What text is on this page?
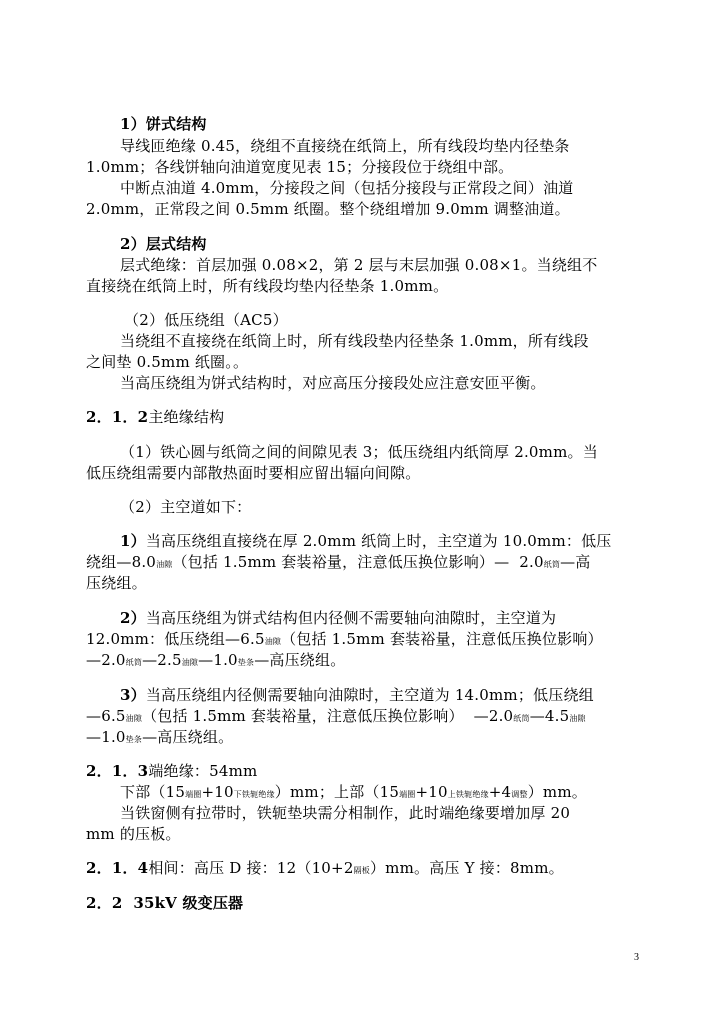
1）饼式结构
导线匝绝缘 0.45，绕组不直接绕在纸筒上，所有线段均垫内径垫条
1.0mm；各线饼轴向油道宽度见表 15；分接段位于绕组中部。
中断点油道 4.0mm，分接段之间（包括分接段与正常段之间）油道
2.0mm，正常段之间 0.5mm 纸圈。整个绕组增加 9.0mm 调整油道。
2）层式结构
层式绝缘：首层加强 0.08×2，第 2 层与末层加强 0.08×1。当绕组不
直接绕在纸筒上时，所有线段均垫内径垫条 1.0mm。
（2）低压绕组（AC5）
当绕组不直接绕在纸筒上时，所有线段垫内径垫条 1.0mm，所有线段
之间垫 0.5mm 纸圈。。
当高压绕组为饼式结构时，对应高压分接段处应注意安匝平衡。
2．1．2主绝缘结构
（1）铁心圆与纸筒之间的间隙见表 3；低压绕组内纸筒厚 2.0mm。当
低压绕组需要内部散热面时要相应留出辐向间隙。
（2）主空道如下：
1）当高压绕组直接绕在厚 2.0mm 纸筒上时，主空道为 10.0mm：低压
绕组—8.0油隙（包括 1.5mm 套装裕量，注意低压换位影响）—  2.0纸筒—高
压绕组。
2）当高压绕组为饼式结构但内径侧不需要轴向油隙时，主空道为
12.0mm：低压绕组—6.5油隙（包括 1.5mm 套装裕量，注意低压换位影响）
—2.0纸筒—2.5油隙—1.0垫条—高压绕组。
3）当高压绕组内径侧需要轴向油隙时，主空道为 14.0mm；低压绕组
—6.5油隙（包括 1.5mm 套装裕量，注意低压换位影响）  —2.0纸筒—4.5油隙
—1.0垫条—高压绕组。
2．1．3端绝缘：54mm
下部（15端圈+10下铁轭绝缘）mm；上部（15端圈+10上铁轭绝缘+4调整）mm。
当铁窗侧有拉带时，铁轭垫块需分相制作，此时端绝缘要增加厚 20
mm 的压板。
2．1．4相间：高压 D 接：12（10+2隔板）mm。高压 Y 接：8mm。
2．2  35kV 级变压器
3
